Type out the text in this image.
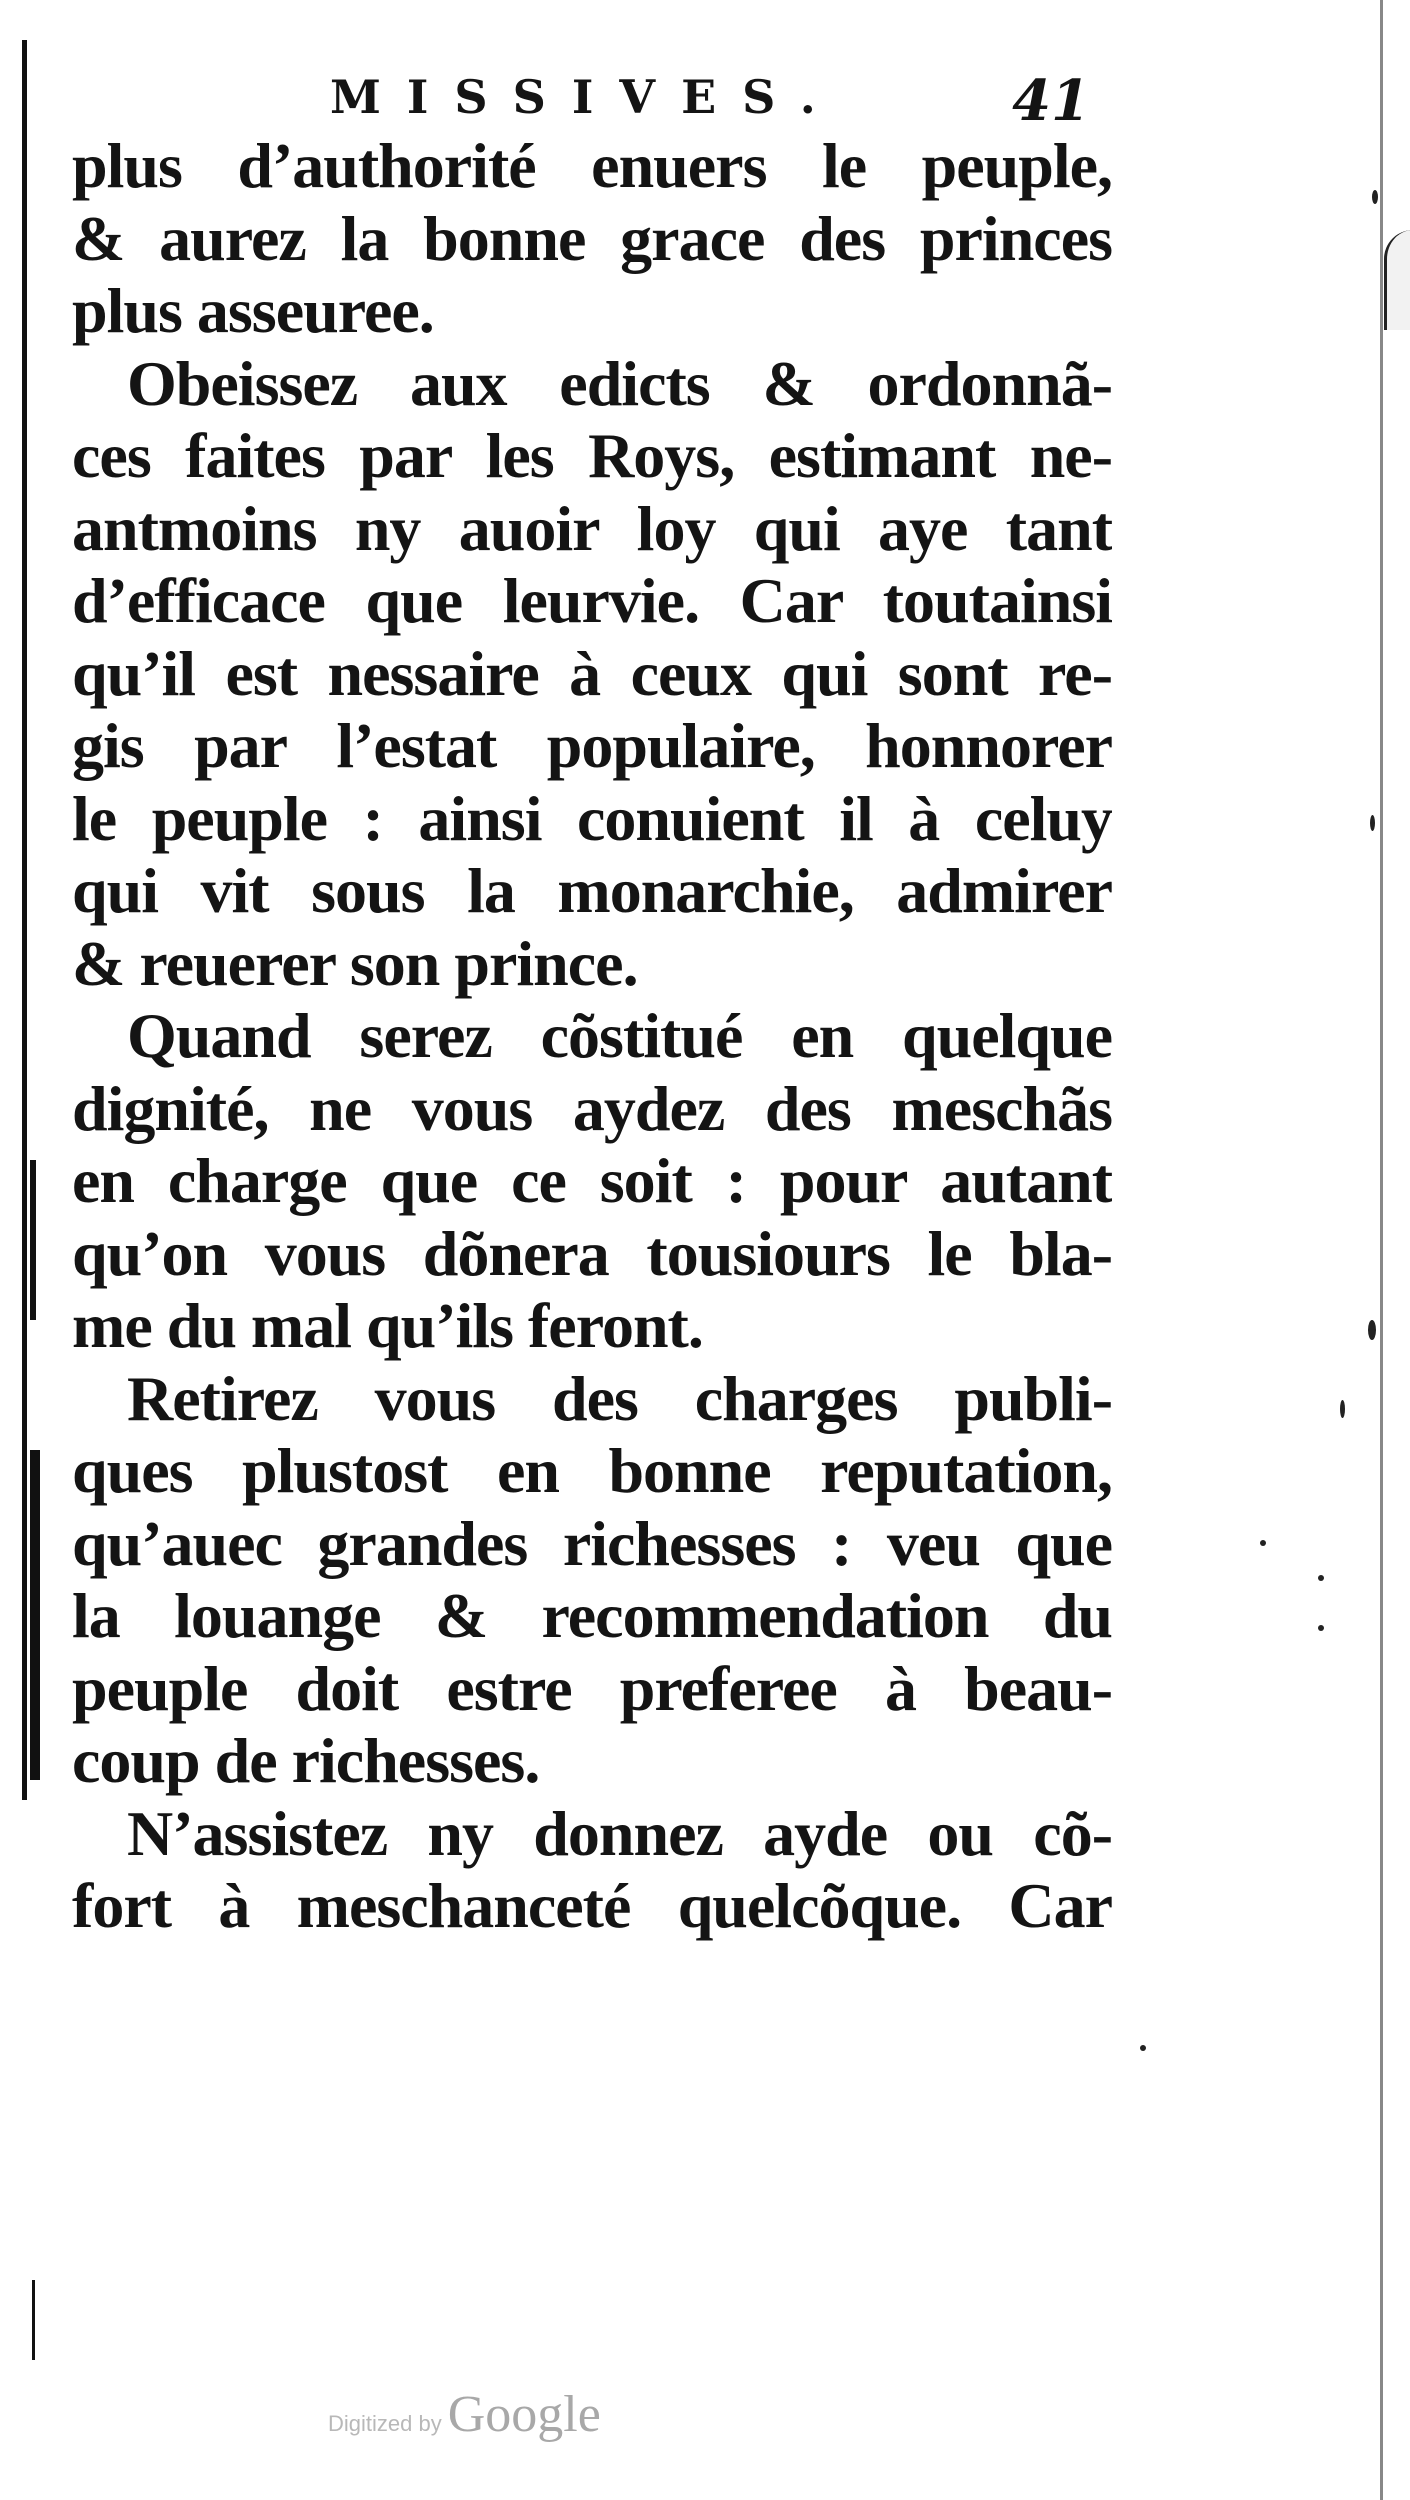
MISSIVES.	41
plus d’authorité enuers le peuple,
& aurez la bonne grace des princes
plus asseuree.
Obeissez aux edicts & ordonnã-
ces faites par les Roys, estimant ne-
antmoins ny auoir loy qui aye tant
d’efficace que leurvie. Car toutainsi
qu’il est nessaire à ceux qui sont re-
gis par l’estat populaire, honnorer
le peuple : ainsi conuient il à celuy
qui vit sous la monarchie, admirer
& reuerer son prince.
Quand serez cõstitué en quelque
dignité, ne vous aydez des meschãs
en charge que ce soit : pour autant
qu’on vous dõnera tousiours le bla-
me du mal qu’ils feront.
Retirez vous des charges publi-
ques plustost en bonne reputation,
qu’auec grandes richesses : veu que
la louange & recommendation du
peuple doit estre preferee à beau-
coup de richesses.
N’assistez ny donnez ayde ou cõ-
fort à meschanceté quelcõque. Car
Digitized by Google
